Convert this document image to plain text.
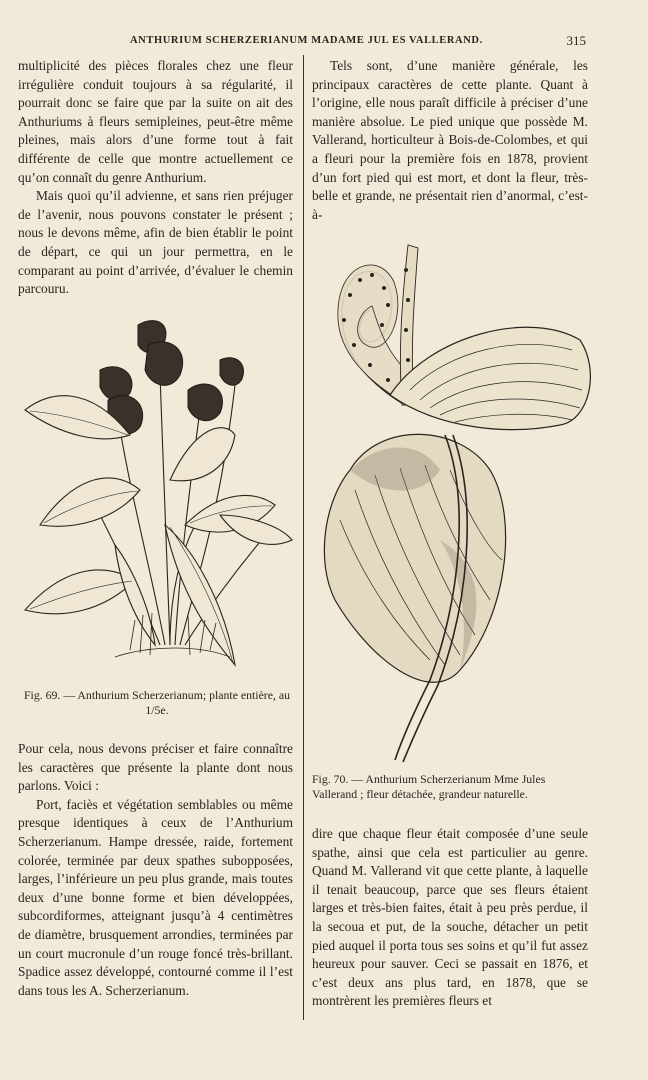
ANTHURIUM SCHERZERIANUM MADAME JUL ES VALLERAND.	315

multiplicité des pièces florales chez une fleur irrégulière conduit toujours à sa régularité, il pourrait donc se faire que par la suite on ait des Anthuriums à fleurs semipleines, peut-être même pleines, mais alors d’une forme tout à fait différente de celle que montre actuellement ce qu’on connaît du genre Anthurium.

Mais quoi qu’il advienne, et sans rien préjuger de l’avenir, nous pouvons constater le présent ; nous le devons même, afin de bien établir le point de départ, ce qui un jour permettra, en le comparant au point d’arrivée, d’évaluer le chemin parcouru.

Tels sont, d’une manière générale, les principaux caractères de cette plante. Quant à l’origine, elle nous paraît difficile à préciser d’une manière absolue. Le pied unique que possède M. Vallerand, horticulteur à Bois-de-Colombes, et qui a fleuri pour la première fois en 1878, provient d’un fort pied qui est mort, et dont la fleur, très-belle et grande, ne présentait rien d’anormal, c’est-à-

Fig. 69. — Anthurium Scherzerianum; plante entière, au 1/5e.
Fig. 70. — Anthurium Scherzerianum Mme Jules
Vallerand ; fleur détachée, grandeur naturelle.

Pour cela, nous devons préciser et faire connaître les caractères que présente la plante dont nous parlons. Voici :

Port, faciès et végétation semblables ou même presque identiques à ceux de l’Anthurium Scherzerianum. Hampe dressée, raide, fortement colorée, terminée par deux spathes subopposées, larges, l’inférieure un peu plus grande, mais toutes deux d’une bonne forme et bien développées, subcordiformes, atteignant jusqu’à 4 centimètres de diamètre, brusquement arrondies, terminées par un court mucronule d’un rouge foncé très-brillant. Spadice assez développé, contourné comme il l’est dans tous les A. Scherzerianum.

dire que chaque fleur était composée d’une seule spathe, ainsi que cela est particulier au genre. Quand M. Vallerand vit que cette plante, à laquelle il tenait beaucoup, parce que ses fleurs étaient larges et très-bien faites, était à peu près perdue, il la secoua et put, de la souche, détacher un petit pied auquel il porta tous ses soins et qu’il fut assez heureux pour sauver. Ceci se passait en 1876, et c’est deux ans plus tard, en 1878, que se montrèrent les premières fleurs et
